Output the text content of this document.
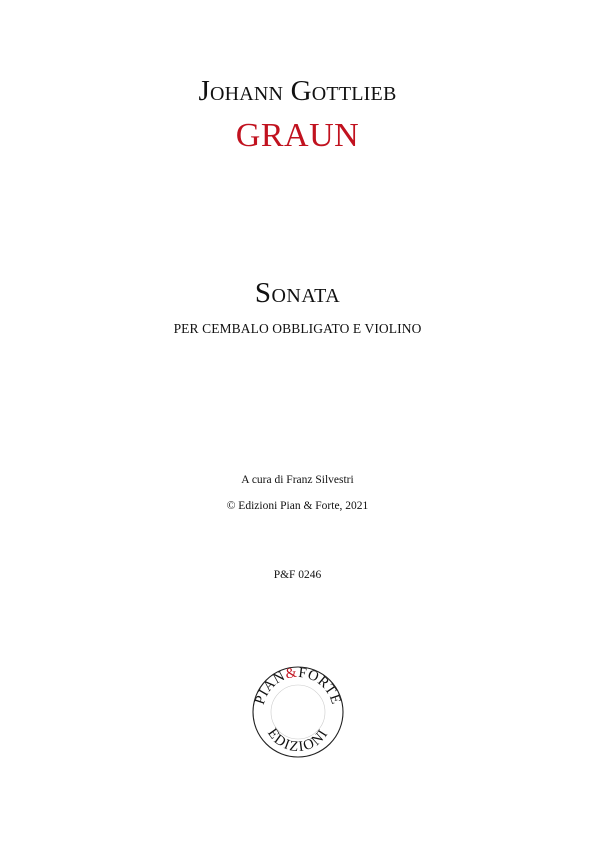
Johann Gottlieb
GRAUN
Sonata
PER CEMBALO OBBLIGATO E VIOLINO
A cura di Franz Silvestri
© Edizioni Pian & Forte, 2021
P&F 0246
PIAN&FORTE
EDIZIONI
